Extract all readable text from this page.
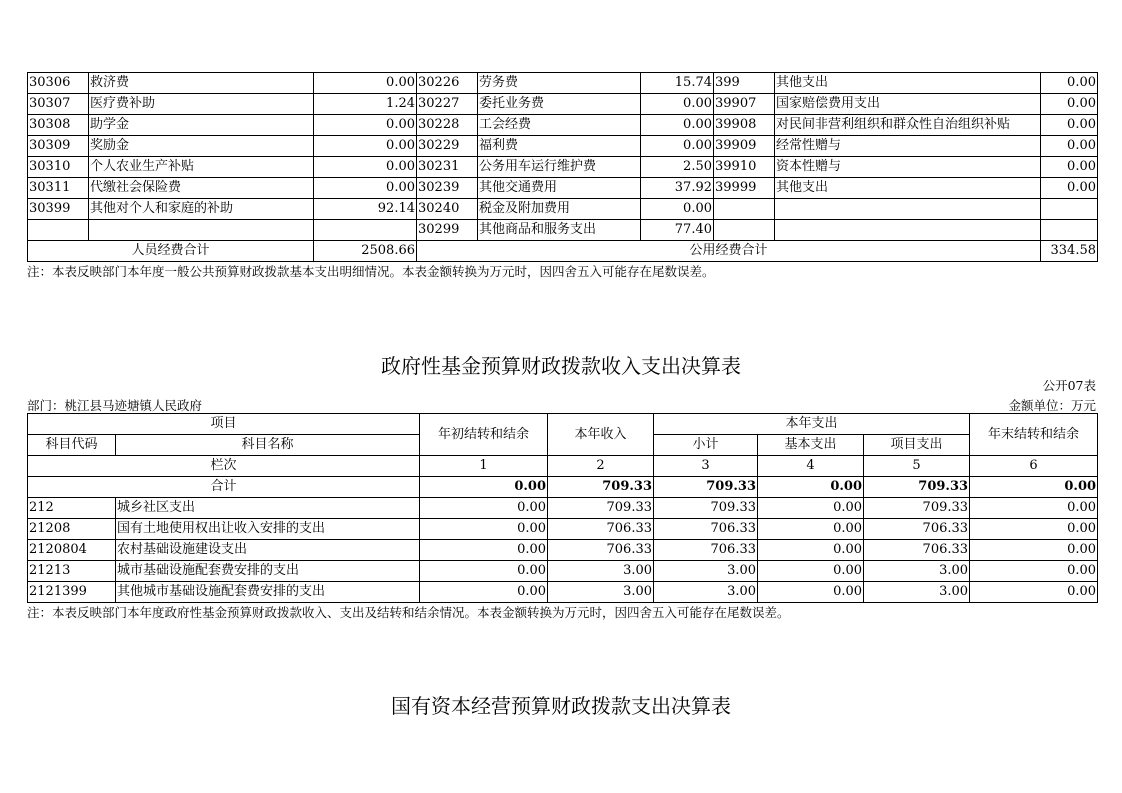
30306	救济费	0.00	30226	劳务费	15.74	399	其他支出	0.00
30307	医疗费补助	1.24	30227	委托业务费	0.00	39907	国家赔偿费用支出	0.00
30308	助学金	0.00	30228	工会经费	0.00	39908	对民间非营利组织和群众性自治组织补贴	0.00
30309	奖励金	0.00	30229	福利费	0.00	39909	经常性赠与	0.00
30310	个人农业生产补贴	0.00	30231	公务用车运行维护费	2.50	39910	资本性赠与	0.00
30311	代缴社会保险费	0.00	30239	其他交通费用	37.92	39999	其他支出	0.00
30399	其他对个人和家庭的补助	92.14	30240	税金及附加费用	0.00			
			30299	其他商品和服务支出	77.40			
人员经费合计		2508.66	公用经费合计					334.58
注：本表反映部门本年度一般公共预算财政拨款基本支出明细情况。本表金额转换为万元时，因四舍五入可能存在尾数误差。
政府性基金预算财政拨款收入支出决算表
公开07表
部门：桃江县马迹塘镇人民政府	金额单位：万元
项目		年初结转和结余	本年收入	本年支出			年末结转和结余
科目代码	科目名称			小计	基本支出	项目支出	
栏次		1	2	3	4	5	6
合计		0.00	709.33	709.33	0.00	709.33	0.00
212	城乡社区支出	0.00	709.33	709.33	0.00	709.33	0.00
21208	国有土地使用权出让收入安排的支出	0.00	706.33	706.33	0.00	706.33	0.00
2120804	农村基础设施建设支出	0.00	706.33	706.33	0.00	706.33	0.00
21213	城市基础设施配套费安排的支出	0.00	3.00	3.00	0.00	3.00	0.00
2121399	其他城市基础设施配套费安排的支出	0.00	3.00	3.00	0.00	3.00	0.00
注：本表反映部门本年度政府性基金预算财政拨款收入、支出及结转和结余情况。本表金额转换为万元时，因四舍五入可能存在尾数误差。
国有资本经营预算财政拨款支出决算表
